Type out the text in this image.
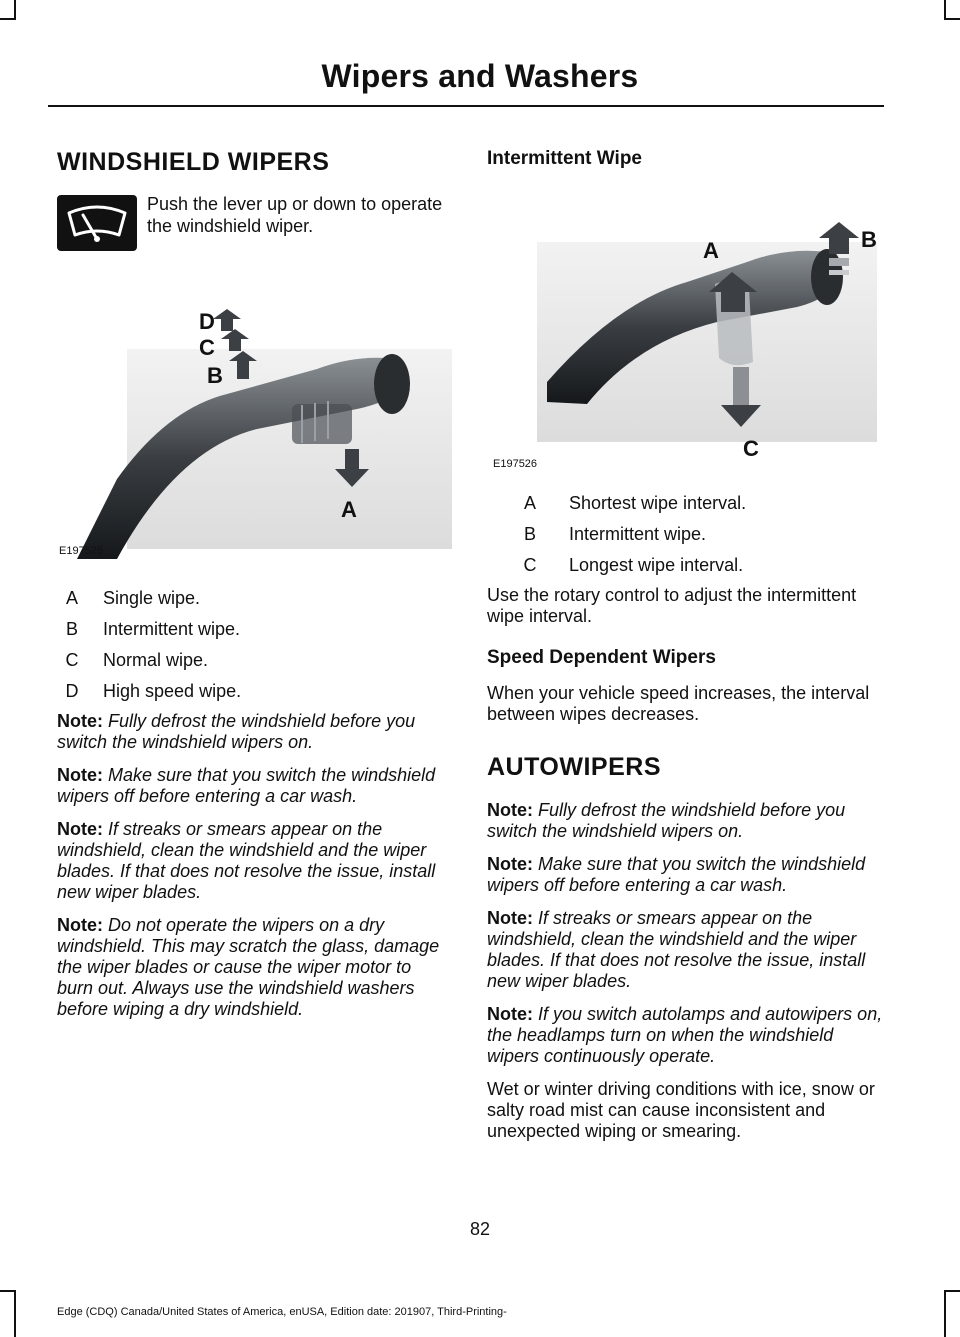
Wipers and Washers
WINDSHIELD WIPERS
Push the lever up or down to operate the windshield wiper.
D
C
B
A
E197525
A	Single wipe.
B	Intermittent wipe.
C	Normal wipe.
D	High speed wipe.

Note: Fully defrost the windshield before you switch the windshield wipers on.

Note: Make sure that you switch the windshield wipers off before entering a car wash.

Note: If streaks or smears appear on the windshield, clean the windshield and the wiper blades. If that does not resolve the issue, install new wiper blades.

Note: Do not operate the wipers on a dry windshield. This may scratch the glass, damage the wiper blades or cause the wiper motor to burn out. Always use the windshield washers before wiping a dry windshield.

Intermittent Wipe
A	B
C
E197526
A	Shortest wipe interval.
B	Intermittent wipe.
C	Longest wipe interval.

Use the rotary control to adjust the intermittent wipe interval.

Speed Dependent Wipers

When your vehicle speed increases, the interval between wipes decreases.

AUTOWIPERS

Note: Fully defrost the windshield before you switch the windshield wipers on.

Note: Make sure that you switch the windshield wipers off before entering a car wash.

Note: If streaks or smears appear on the windshield, clean the windshield and the wiper blades. If that does not resolve the issue, install new wiper blades.

Note: If you switch autolamps and autowipers on, the headlamps turn on when the windshield wipers continuously operate.

Wet or winter driving conditions with ice, snow or salty road mist can cause inconsistent and unexpected wiping or smearing.

82
Edge (CDQ) Canada/United States of America, enUSA, Edition date: 201907, Third-Printing-
